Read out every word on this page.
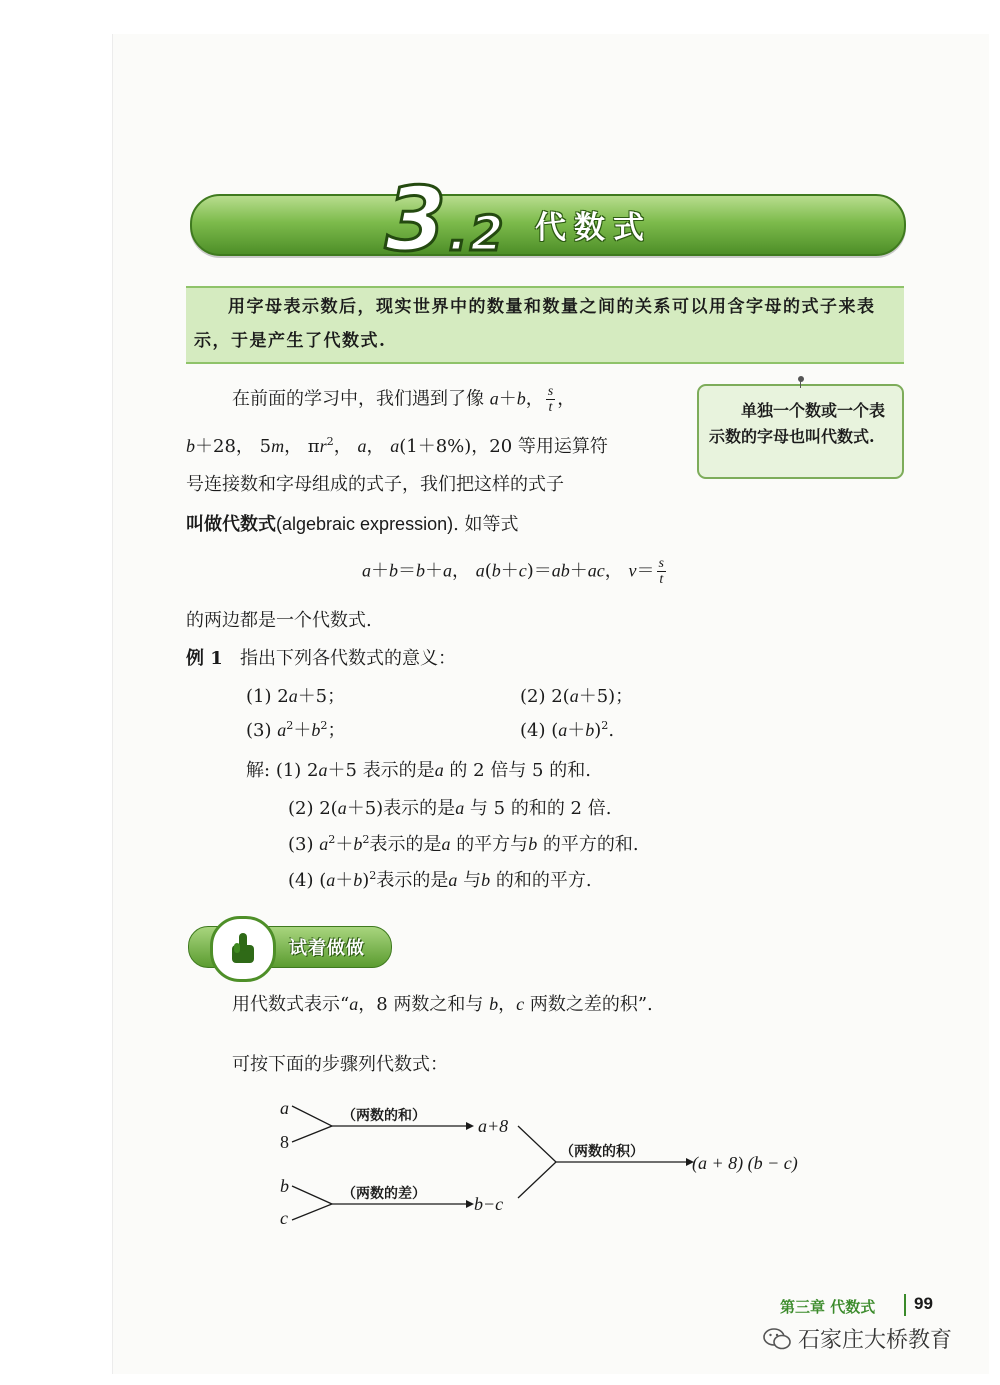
3 . 2 代数式

用字母表示数后，现实世界中的数量和数量之间的关系可以用含字母的式子来表示，于是产生了代数式.

单独一个数或一个表示数的字母也叫代数式.

在前面的学习中，我们遇到了像 a＋b， $\frac{s}{t}$ ，
b＋28， 5m， $\pi r^2$， a， a(1＋8%)，20 等用运算符
号连接数和字母组成的式子，我们把这样的式子
叫做代数式(algebraic expression). 如等式
a＋b＝b＋a， a(b＋c)＝ab＋ac， $v= \frac{s}{t}$
的两边都是一个代数式.
例 1 指出下列各代数式的意义：
(1) 2a＋5；	(2) 2(a＋5)；
(3) $a^2+b^2$；	(4) $(a+b)^2$.
解: (1) 2a＋5 表示的是a 的 2 倍与 5 的和.
(2) 2(a＋5)表示的是a 与 5 的和的 2 倍.
(3) $a^2+b^2$表示的是a 的平方与b 的平方的和.
(4) $(a+b)^2$表示的是a 与b 的和的平方.
试着做做
用代数式表示“a，8 两数之和与 b，c 两数之差的积”.
可按下面的步骤列代数式：
a
8
b
c
a+8
b−c
(a + 8) (b − c)
（两数的和）
（两数的差）
（两数的积）
第三章 代数式 99
石家庄大桥教育
